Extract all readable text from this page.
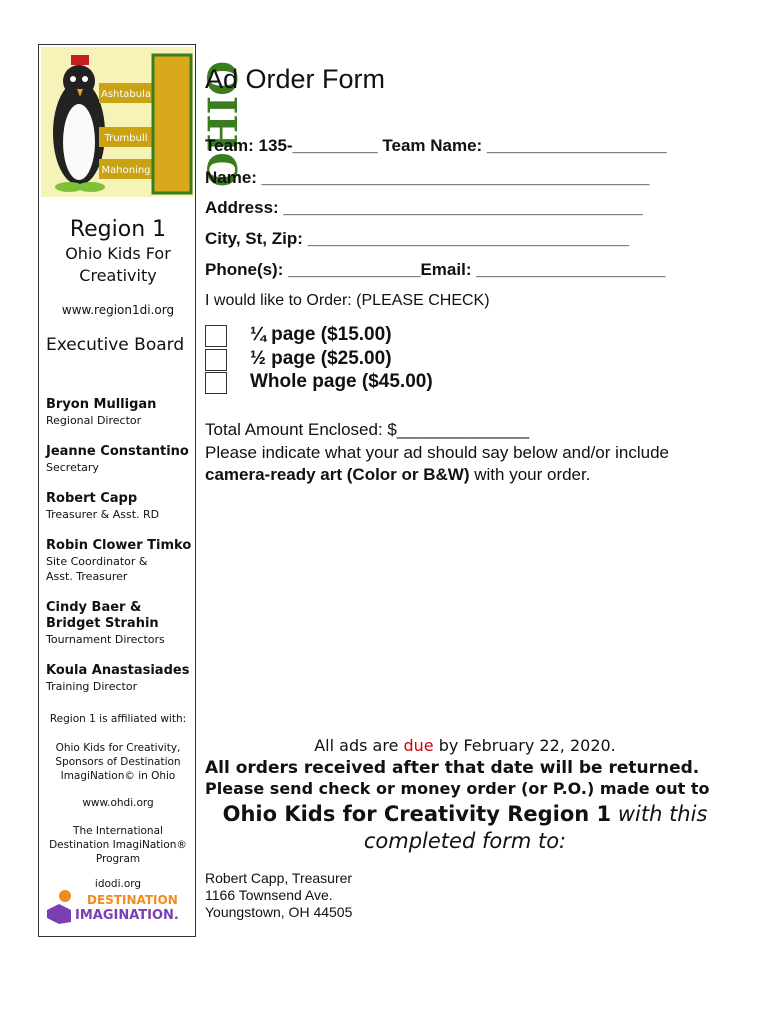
Ashtabula
Trumbull
Mahoning OHIO
Region 1
Ohio Kids For
Creativity
www.region1di.org
Executive Board
Bryon Mulligan
Regional Director
Jeanne Constantino
Secretary
Robert Capp
Treasurer & Asst. RD
Robin Clower Timko
Site Coordinator &
Asst. Treasurer
Cindy Baer &
Bridget Strahin
Tournament Directors
Koula Anastasiades
Training Director
Region 1 is affiliated with:
Ohio Kids for Creativity,
Sponsors of Destination
ImagiNation© in Ohio
www.ohdi.org
The International
Destination ImagiNation®
Program
idodi.org
DESTINATION
IMAGINATION.
Ad Order Form
Team: 135-_________ Team Name: ___________________
Name: _________________________________________
Address: ______________________________________
City, St, Zip: __________________________________
Phone(s): ______________Email: ____________________
I would like to Order: (PLEASE CHECK)
¼ page ($15.00)
½ page ($25.00)
Whole page ($45.00)
Total Amount Enclosed: $______________
Please indicate what your ad should say below and/or include
camera-ready art (Color or B&W) with your order.
All ads are due by February 22, 2020.
All orders received after that date will be returned.
Please send check or money order (or P.O.) made out to
Ohio Kids for Creativity Region 1 with this
completed form to:
Robert Capp, Treasurer
1166 Townsend Ave.
Youngstown, OH 44505
